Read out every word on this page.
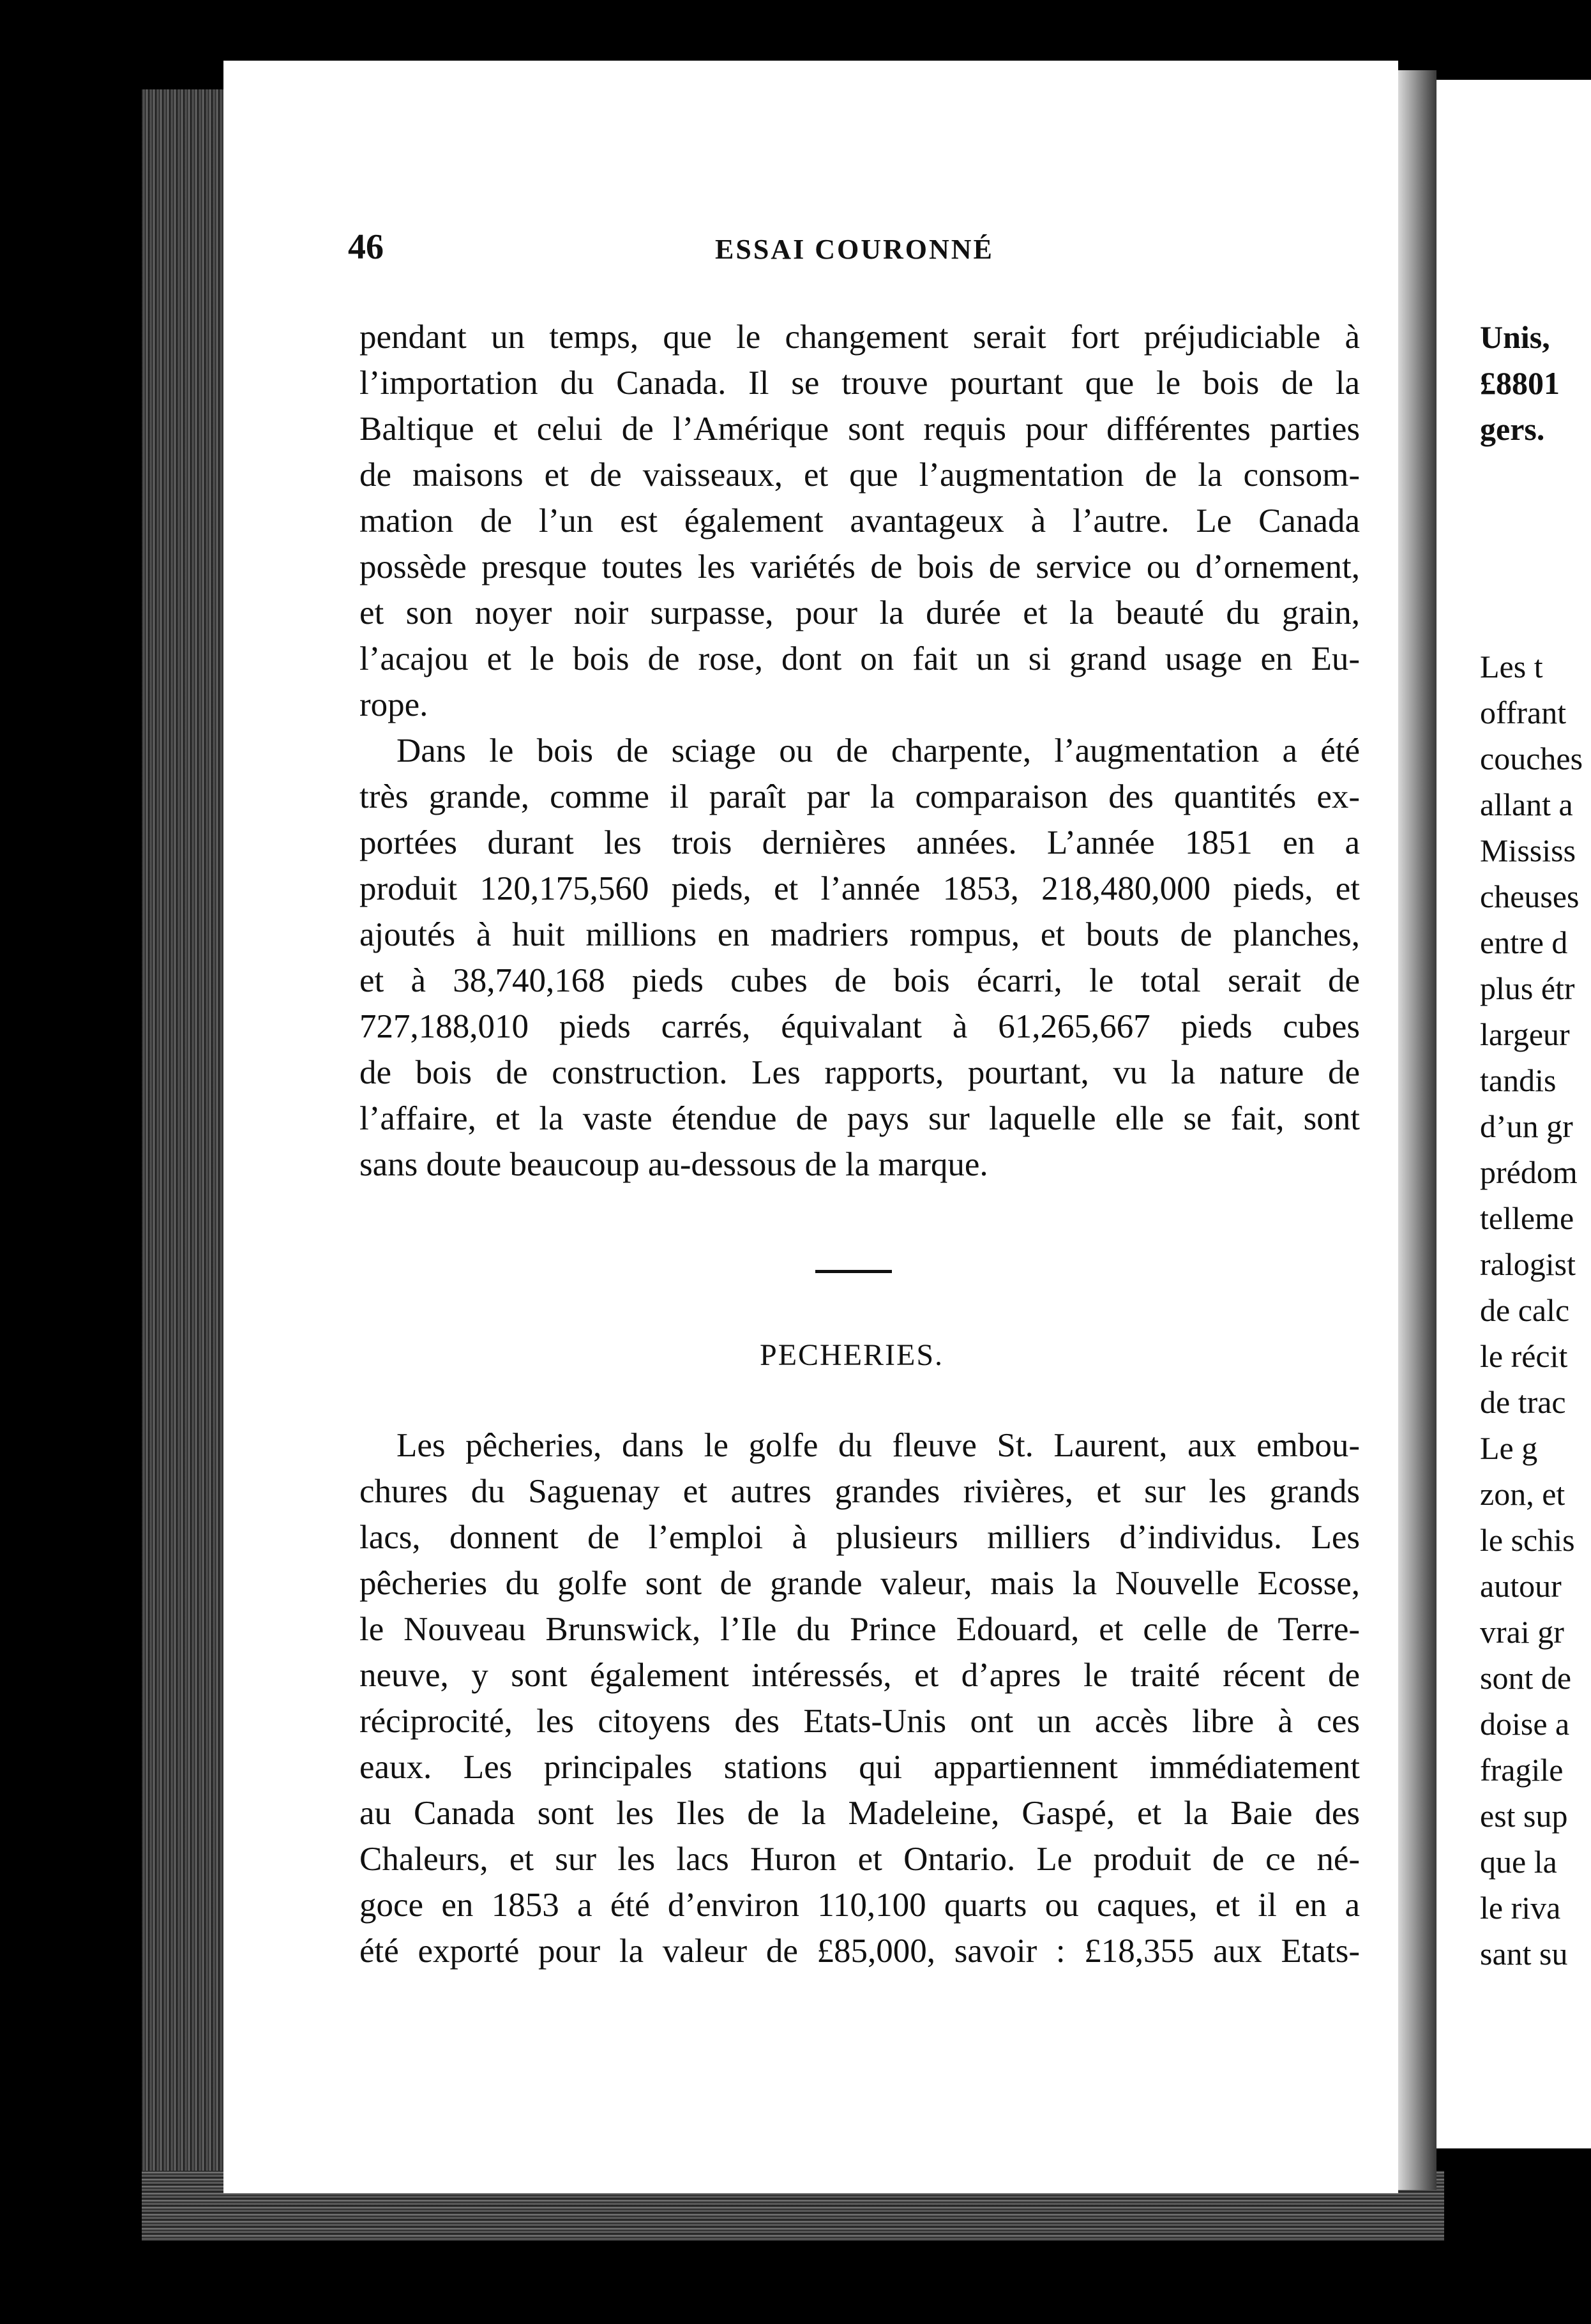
46	ESSAI COURONNÉ
pendant un temps, que le changement serait fort préjudiciable à
l’importation du Canada. Il se trouve pourtant que le bois de la
Baltique et celui de l’Amérique sont requis pour différentes parties
de maisons et de vaisseaux, et que l’augmentation de la consom-
mation de l’un est également avantageux à l’autre. Le Canada
possède presque toutes les variétés de bois de service ou d’ornement,
et son noyer noir surpasse, pour la durée et la beauté du grain,
l’acajou et le bois de rose, dont on fait un si grand usage en Eu-
rope.
Dans le bois de sciage ou de charpente, l’augmentation a été
très grande, comme il paraît par la comparaison des quantités ex-
portées durant les trois dernières années. L’année 1851 en a
produit 120,175,560 pieds, et l’année 1853, 218,480,000 pieds, et
ajoutés à huit millions en madriers rompus, et bouts de planches,
et à 38,740,168 pieds cubes de bois écarri, le total serait de
727,188,010 pieds carrés, équivalant à 61,265,667 pieds cubes
de bois de construction. Les rapports, pourtant, vu la nature de
l’affaire, et la vaste étendue de pays sur laquelle elle se fait, sont
sans doute beaucoup au-dessous de la marque.
PECHERIES.
Les pêcheries, dans le golfe du fleuve St. Laurent, aux embou-
chures du Saguenay et autres grandes rivières, et sur les grands
lacs, donnent de l’emploi à plusieurs milliers d’individus. Les
pêcheries du golfe sont de grande valeur, mais la Nouvelle Ecosse,
le Nouveau Brunswick, l’Ile du Prince Edouard, et celle de Terre-
neuve, y sont également intéressés, et d’apres le traité récent de
réciprocité, les citoyens des Etats-Unis ont un accès libre à ces
eaux. Les principales stations qui appartiennent immédiatement
au Canada sont les Iles de la Madeleine, Gaspé, et la Baie des
Chaleurs, et sur les lacs Huron et Ontario. Le produit de ce né-
goce en 1853 a été d’environ 110,100 quarts ou caques, et il en a
été exporté pour la valeur de £85,000, savoir : £18,355 aux Etats-
Unis,
£8801
gers.
Les t
offrant
couches
allant a
Mississ
cheuses
entre d
plus étr
largeur
tandis
d’un gr
prédom
telleme
ralogist
de calc
le récit
de trac
Le g
zon, et
le schis
autour
vrai gr
sont de
doise a
fragile
est sup
que la
le riva
sant su
